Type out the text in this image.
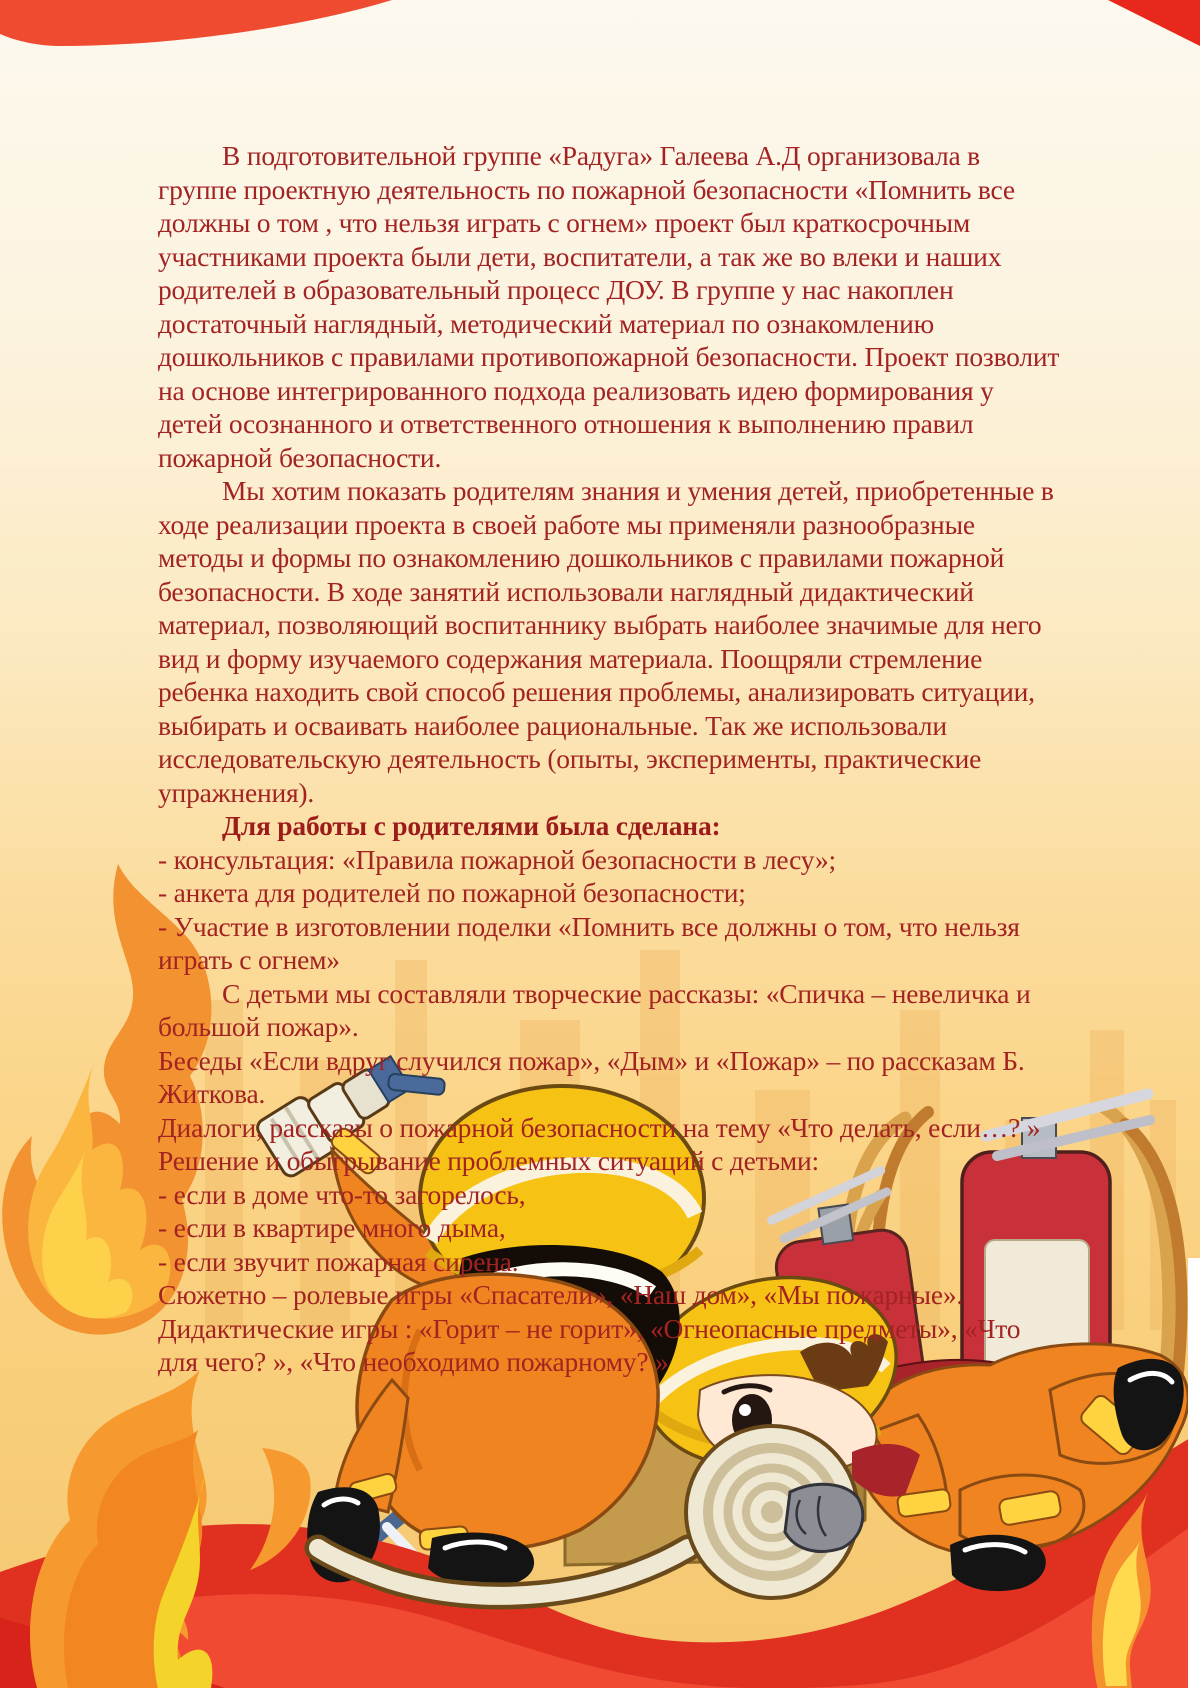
В подготовительной группе «Радуга» Галеева А.Д организовала в группе проектную деятельность по пожарной безопасности «Помнить все должны о том , что нельзя играть с огнем» проект был краткосрочным участниками проекта были дети, воспитатели, а так же во влеки и наших родителей в образовательный процесс ДОУ. В группе у нас накоплен достаточный наглядный, методический материал по ознакомлению дошкольников с правилами противопожарной безопасности. Проект позволит на основе интегрированного подхода реализовать идею формирования у детей осознанного и ответственного отношения к выполнению правил пожарной безопасности.

Мы хотим показать родителям знания и умения детей, приобретенные в ходе реализации проекта в своей работе мы применяли разнообразные методы и формы по ознакомлению дошкольников с правилами пожарной безопасности. В ходе занятий использовали наглядный дидактический материал, позволяющий воспитаннику выбрать наиболее значимые для него вид и форму изучаемого содержания материала. Поощряли стремление ребенка находить свой способ решения проблемы, анализировать ситуации, выбирать и осваивать наиболее рациональные. Так же использовали исследовательскую деятельность (опыты, эксперименты, практические упражнения).

Для работы с родителями была сделана:

- консультация: «Правила пожарной безопасности в лесу»;

- анкета для родителей по пожарной безопасности;

- Участие в изготовлении поделки «Помнить все должны о том, что нельзя играть с огнем»

С детьми мы составляли творческие рассказы: «Спичка – невеличка и большой пожар».

Беседы «Если вдруг случился пожар», «Дым» и «Пожар» – по рассказам Б. Житкова.

Диалоги, рассказы о пожарной безопасности на тему «Что делать, если…? »

Решение и обыгрывание проблемных ситуаций с детьми:

- если в доме что-то загорелось,

- если в квартире много дыма,

- если звучит пожарная сирена.

Сюжетно – ролевые игры «Спасатели», «Наш дом», «Мы пожарные».

Дидактические игры : «Горит – не горит», «Огнеопасные предметы», «Что для чего? », «Что необходимо пожарному? »
